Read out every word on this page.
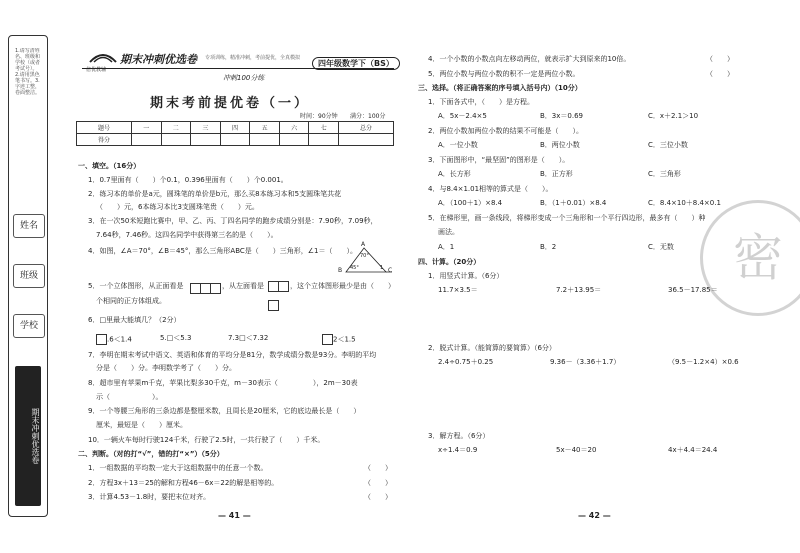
1.请写清姓名、班级和学校（或者考试号）。2.请用黑色笔书写。3.字迹工整，卷面整洁。
姓名
班级
学校
期末冲刺优选卷
倍优教辅
期末冲刺优选卷 专项训练，精准冲刺，考前提优，全真模拟
四年级数学下（BS）
冲刺100分练
期末考前提优卷（一）
时间：90分钟 满分：100分
题号	一	二	三	四	五	六	七	总分
得分								
一、填空。（16分）
1．0.7里面有（　　）个0.1，0.396里面有（　　）个0.001。
2．练习本的单价是a元，圆珠笔的单价是b元，那么买8本练习本和5支圆珠笔共花
（　　）元，6本练习本比3支圆珠笔贵（　　）元。
3．在一次50米短跑比赛中，甲、乙、丙、丁四名同学的跑步成绩分别是：7.90秒，7.09秒，
7.64秒，7.46秒。这四名同学中获得第三名的是（　　）。
4．如图，∠A＝70°，∠B＝45°，那么三角形ABC是（　　）三角形，∠1＝（　　）。
A
B	C
70°
45°	1
5．一个立体图形，从正面看是	，从左面看是	，这个立体图形最少是由（　　）
个相同的正方体组成。
6．□里最大能填几？（2分）
.6＜1.4	5.□＜5.3	7.3□＜7.32	2＜1.5
7．李明在期末考试中语文、英语和体育的平均分是81分，数学成绩分数是93分。李明的平均
分是（　　）分。李明数学考了（　　）分。
8．超市里有苹果m千克，苹果比梨多30千克，m－30表示（　　　　　），2m－30表
示（　　　　　　）。
9．一个等腰三角形的三条边都是整厘米数，且周长是20厘米，它的底边最长是（　　）
厘米，最短是（　　）厘米。
10．一辆火车每时行驶124千米，行驶了2.5时，一共行驶了（　　）千米。
二、判断。（对的打“√”，错的打“×”）（5分）
1．一组数据的平均数一定大于这组数据中的任意一个数。	（　　）
2．方程3x＋13＝25的解和方程46－6x＝22的解是相等的。	（　　）
3．计算4.53－1.8时，要把末位对齐。	（　　）
— 41 —
密
4．一个小数的小数点向左移动两位，就表示扩大到原来的10倍。	（　　）
5．两位小数与两位小数的积不一定是两位小数。	（　　）
三、选择。（将正确答案的序号填入括号内）（10分）
1．下面各式中，（　　）是方程。
A．5x－2.4×5	B．3x＝0.69	C．x＋2.1＞10
2．两位小数加两位小数的结果不可能是（　　）。
A．一位小数	B．两位小数	C．三位小数
3．下面图形中，“最坚固”的图形是（　　）。
A．长方形	B．正方形	C．三角形
4．与8.4×1.01相等的算式是（　　）。
A．（100＋1）×8.4	B．（1＋0.01）×8.4	C．8.4×10＋8.4×0.1
5．在梯形里，画一条线段，将梯形变成一个三角形和一个平行四边形，最多有（　　）种
画法。
A．1	B．2	C．无数
四、计算。（20分）
1．用竖式计算。（6分）
11.7×3.5＝	7.2＋13.95＝	36.5－17.85＝
2．脱式计算。（能简算的要简算）（6分）
2.4÷0.75＋0.25	9.36－（3.36＋1.7）	（9.5－1.2×4）×0.6
3．解方程。（6分）
x÷1.4＝0.9	5x－40＝20	4x＋4.4＝24.4
— 42 —
